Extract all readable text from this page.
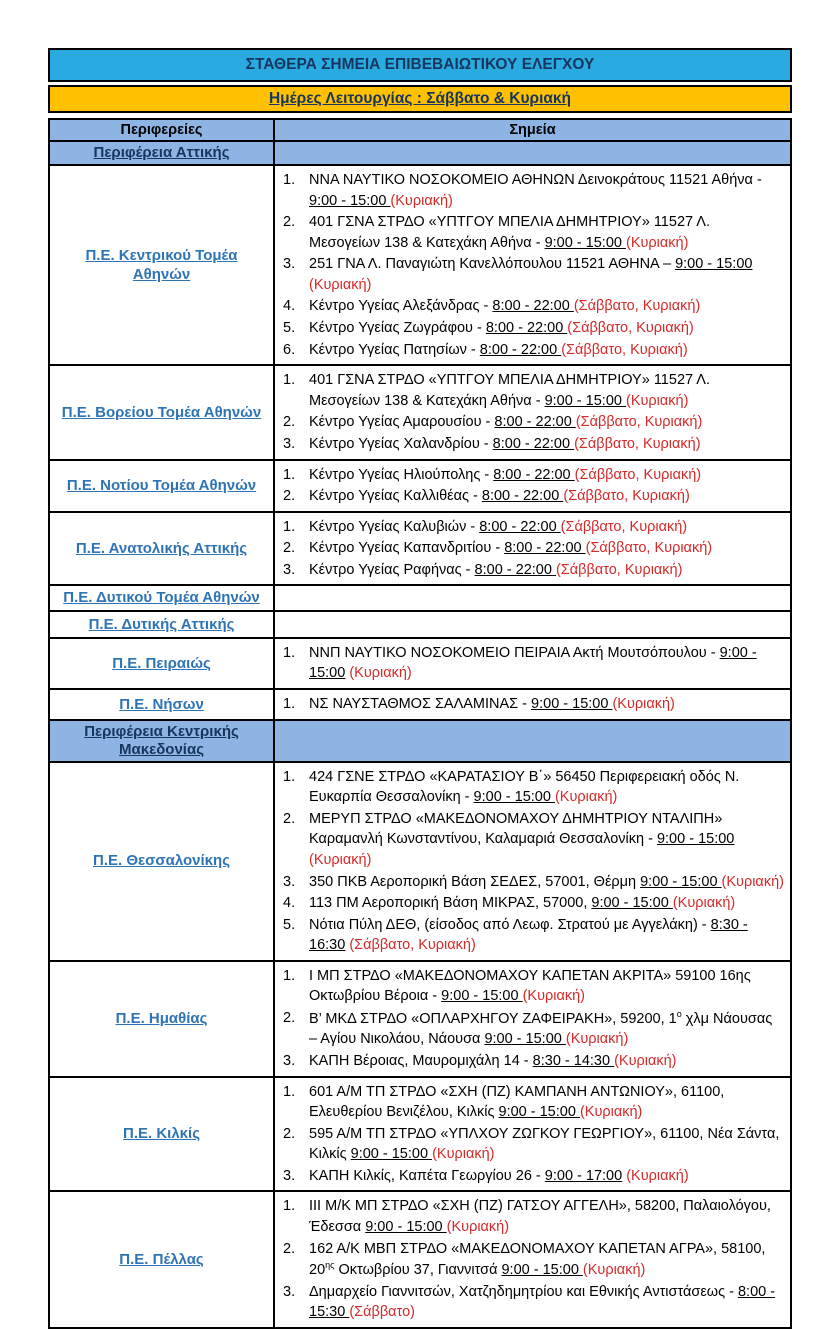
ΣΤΑΘΕΡΑ ΣΗΜΕΙΑ ΕΠΙΒΕΒΑΙΩΤΙΚΟΥ ΕΛΕΓΧΟΥ
Ημέρες Λειτουργίας : Σάββατο & Κυριακή
Περιφερείες	Σημεία
Περιφέρεια Αττικής
Π.Ε. Κεντρικού Τομέα Αθηνών
1. ΝΝΑ ΝΑΥΤΙΚΟ ΝΟΣΟΚΟΜΕΙΟ ΑΘΗΝΩΝ Δεινοκράτους 11521 Αθήνα - 9:00 - 15:00 (Κυριακή)
2. 401 ΓΣΝΑ ΣΤΡΔΟ «ΥΠΤΓΟΥ ΜΠΕΛΙΑ ΔΗΜΗΤΡΙΟΥ» 11527 Λ. Μεσογείων 138 & Κατεχάκη Αθήνα - 9:00 - 15:00 (Κυριακή)
3. 251 ΓΝΑ Λ. Παναγιώτη Κανελλόπουλου 11521 ΑΘΗΝΑ – 9:00 - 15:00 (Κυριακή)
4. Κέντρο Υγείας Αλεξάνδρας - 8:00 - 22:00 (Σάββατο, Κυριακή)
5. Κέντρο Υγείας Ζωγράφου - 8:00 - 22:00 (Σάββατο, Κυριακή)
6. Κέντρο Υγείας Πατησίων - 8:00 - 22:00 (Σάββατο, Κυριακή)
Π.Ε. Βορείου Τομέα Αθηνών
1. 401 ΓΣΝΑ ΣΤΡΔΟ «ΥΠΤΓΟΥ ΜΠΕΛΙΑ ΔΗΜΗΤΡΙΟΥ» 11527 Λ. Μεσογείων 138 & Κατεχάκη Αθήνα - 9:00 - 15:00 (Κυριακή)
2. Κέντρο Υγείας Αμαρουσίου - 8:00 - 22:00 (Σάββατο, Κυριακή)
3. Κέντρο Υγείας Χαλανδρίου - 8:00 - 22:00 (Σάββατο, Κυριακή)
Π.Ε. Νοτίου Τομέα Αθηνών
1. Κέντρο Υγείας Ηλιούπολης - 8:00 - 22:00 (Σάββατο, Κυριακή)
2. Κέντρο Υγείας Καλλιθέας - 8:00 - 22:00 (Σάββατο, Κυριακή)
Π.Ε. Ανατολικής Αττικής
1. Κέντρο Υγείας Καλυβιών - 8:00 - 22:00 (Σάββατο, Κυριακή)
2. Κέντρο Υγείας Καπανδριτίου - 8:00 - 22:00 (Σάββατο, Κυριακή)
3. Κέντρο Υγείας Ραφήνας - 8:00 - 22:00 (Σάββατο, Κυριακή)
Π.Ε. Δυτικού Τομέα Αθηνών
Π.Ε. Δυτικής Αττικής
Π.Ε. Πειραιώς
1. ΝΝΠ ΝΑΥΤΙΚΟ ΝΟΣΟΚΟΜΕΙΟ ΠΕΙΡΑΙΑ Ακτή Μουτσόπουλου - 9:00 - 15:00 (Κυριακή)
Π.Ε. Νήσων	1. ΝΣ ΝΑΥΣΤΑΘΜΟΣ ΣΑΛΑΜΙΝΑΣ - 9:00 - 15:00 (Κυριακή)
Περιφέρεια Κεντρικής Μακεδονίας
Π.Ε. Θεσσαλονίκης
1. 424 ΓΣΝΕ ΣΤΡΔΟ «ΚΑΡΑΤΑΣΙΟΥ Β΄» 56450 Περιφερειακή οδός Ν. Ευκαρπία Θεσσαλονίκη - 9:00 - 15:00 (Κυριακή)
2. ΜΕΡΥΠ ΣΤΡΔΟ «ΜΑΚΕΔΟΝΟΜΑΧΟΥ ΔΗΜΗΤΡΙΟΥ ΝΤΑΛΙΠΗ» Καραμανλή Κωνσταντίνου, Καλαμαριά Θεσσαλονίκη - 9:00 - 15:00 (Κυριακή)
3. 350 ΠΚΒ Αεροπορική Βάση ΣΕΔΕΣ, 57001, Θέρμη 9:00 - 15:00 (Κυριακή)
4. 113 ΠΜ Αεροπορική Βάση ΜΙΚΡΑΣ, 57000, 9:00 - 15:00 (Κυριακή)
5. Νότια Πύλη ΔΕΘ, (είσοδος από Λεωφ. Στρατού με Αγγελάκη) - 8:30 - 16:30 (Σάββατο, Κυριακή)
Π.Ε. Ημαθίας
1. Ι ΜΠ ΣΤΡΔΟ «ΜΑΚΕΔΟΝΟΜΑΧΟΥ ΚΑΠΕΤΑΝ ΑΚΡΙΤΑ» 59100 16ης Οκτωβρίου Βέροια - 9:00 - 15:00 (Κυριακή)
2. Β’ ΜΚΔ ΣΤΡΔΟ «ΟΠΛΑΡΧΗΓΟΥ ΖΑΦΕΙΡΑΚΗ», 59200, $1^o$ χλμ Νάουσας – Αγίου Νικολάου, Νάουσα 9:00 - 15:00 (Κυριακή)
3. ΚΑΠΗ Βέροιας, Μαυρομιχάλη 14 - 8:30 - 14:30 (Κυριακή)
Π.Ε. Κιλκίς
1. 601 Α/Μ ΤΠ ΣΤΡΔΟ «ΣΧΗ (ΠΖ) ΚΑΜΠΑΝΗ ΑΝΤΩΝΙΟΥ», 61100, Ελευθερίου Βενιζέλου, Κιλκίς 9:00 - 15:00 (Κυριακή)
2. 595 Α/Μ ΤΠ ΣΤΡΔΟ «ΥΠΛΧΟΥ ΖΩΓΚΟΥ ΓΕΩΡΓΙΟΥ», 61100, Νέα Σάντα, Κιλκίς 9:00 - 15:00 (Κυριακή)
3. ΚΑΠΗ Κιλκίς, Καπέτα Γεωργίου 26 - 9:00 - 17:00 (Κυριακή)
Π.Ε. Πέλλας
1. ΙΙΙ Μ/Κ ΜΠ ΣΤΡΔΟ «ΣΧΗ (ΠΖ) ΓΑΤΣΟΥ ΑΓΓΕΛΗ», 58200, Παλαιολόγου, Έδεσσα 9:00 - 15:00 (Κυριακή)
2. 162 Α/Κ ΜΒΠ ΣΤΡΔΟ «ΜΑΚΕΔΟΝΟΜΑΧΟΥ ΚΑΠΕΤΑΝ ΑΓΡΑ», 58100, $20^{\eta\varsigma}$ Οκτωβρίου 37, Γιαννιτσά 9:00 - 15:00 (Κυριακή)
3. Δημαρχείο Γιαννιτσών, Χατζηδημητρίου και Εθνικής Αντιστάσεως - 8:00 - 15:30 (Σάββατο)
